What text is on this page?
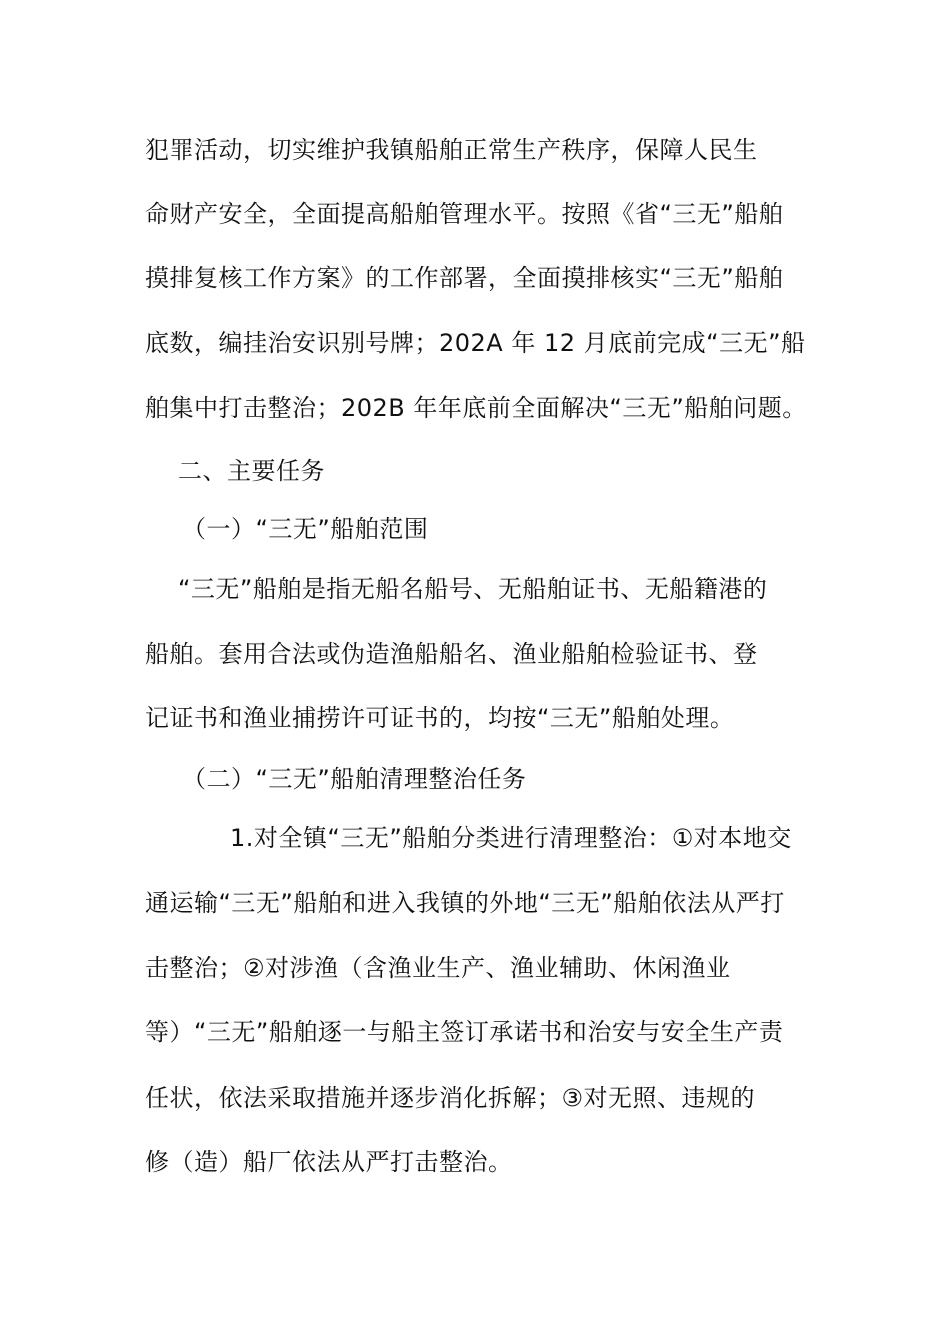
犯罪活动，切实维护我镇船舶正常生产秩序，保障人民生
命财产安全，全面提高船舶管理水平。按照《省“三无”船舶
摸排复核工作方案》的工作部署，全面摸排核实“三无”船舶
底数，编挂治安识别号牌；202A 年 12 月底前完成“三无”船
舶集中打击整治；202B 年年底前全面解决“三无”船舶问题。
二、主要任务
（一）“三无”船舶范围
“三无”船舶是指无船名船号、无船舶证书、无船籍港的
船舶。套用合法或伪造渔船船名、渔业船舶检验证书、登
记证书和渔业捕捞许可证书的，均按“三无”船舶处理。
（二）“三无”船舶清理整治任务
1.对全镇“三无”船舶分类进行清理整治：①对本地交
通运输“三无”船舶和进入我镇的外地“三无”船舶依法从严打
击整治；②对涉渔（含渔业生产、渔业辅助、休闲渔业
等）“三无”船舶逐一与船主签订承诺书和治安与安全生产责
任状，依法采取措施并逐步消化拆解；③对无照、违规的
修（造）船厂依法从严打击整治。
